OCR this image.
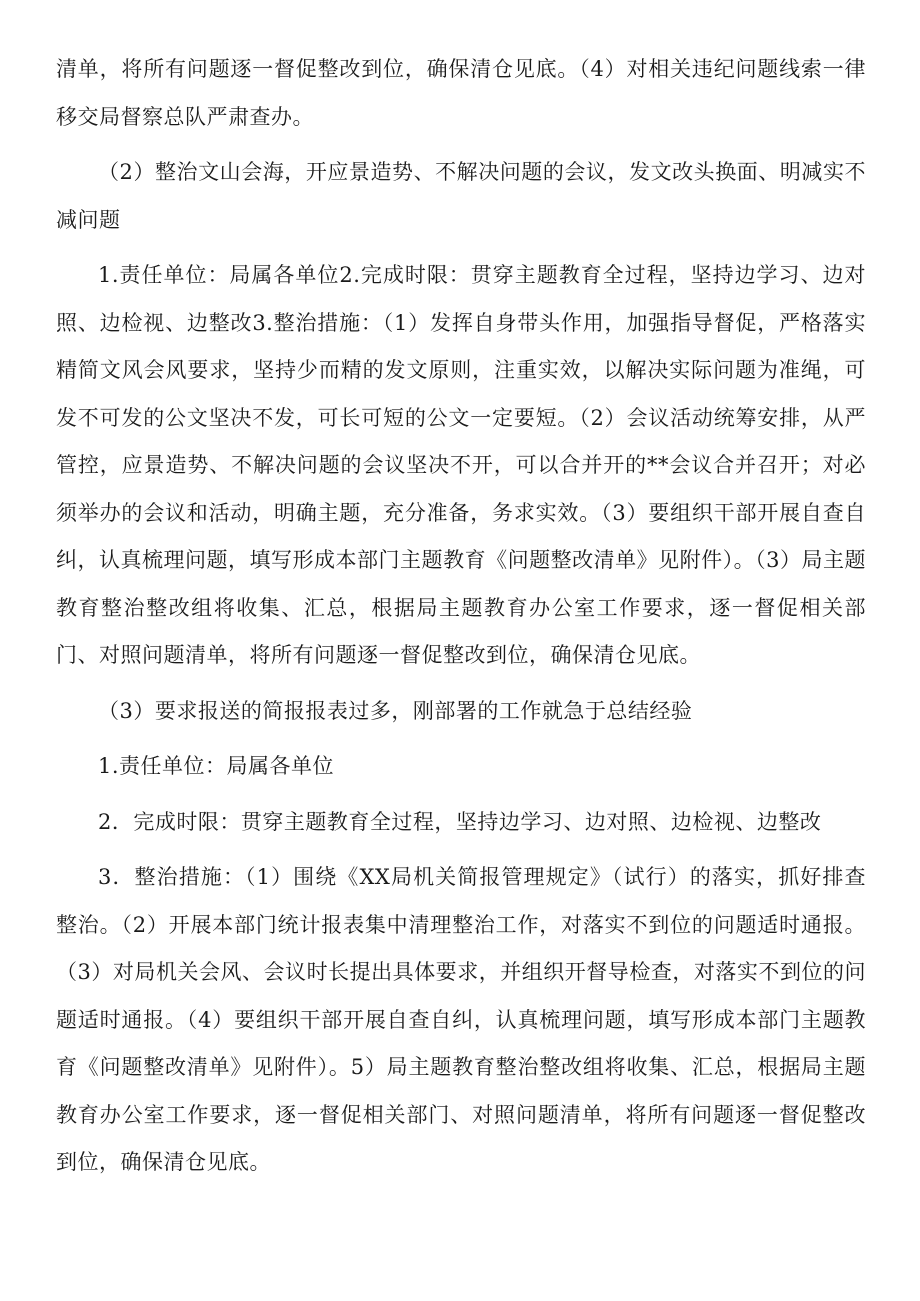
清单，将所有问题逐一督促整改到位，确保清仓见底。（4）对相关违纪问题线索一律移交局督察总队严肃查办。

（2）整治文山会海，开应景造势、不解决问题的会议，发文改头换面、明减实不减问题

1.责任单位：局属各单位2.完成时限：贯穿主题教育全过程，坚持边学习、边对照、边检视、边整改3.整治措施：（1）发挥自身带头作用，加强指导督促，严格落实精简文风会风要求，坚持少而精的发文原则，注重实效，以解决实际问题为准绳，可发不可发的公文坚决不发，可长可短的公文一定要短。（2）会议活动统筹安排，从严管控，应景造势、不解决问题的会议坚决不开，可以合并开的**会议合并召开；对必须举办的会议和活动，明确主题，充分准备，务求实效。（3）要组织干部开展自查自纠，认真梳理问题，填写形成本部门主题教育《问题整改清单》见附件）。（3）局主题教育整治整改组将收集、汇总，根据局主题教育办公室工作要求，逐一督促相关部门、对照问题清单，将所有问题逐一督促整改到位，确保清仓见底。

（3）要求报送的简报报表过多，刚部署的工作就急于总结经验

1.责任单位：局属各单位

2．完成时限：贯穿主题教育全过程，坚持边学习、边对照、边检视、边整改

3．整治措施：（1）围绕《XX局机关简报管理规定》（试行）的落实，抓好排查整治。（2）开展本部门统计报表集中清理整治工作，对落实不到位的问题适时通报。（3）对局机关会风、会议时长提出具体要求，并组织开督导检查，对落实不到位的问题适时通报。（4）要组织干部开展自查自纠，认真梳理问题，填写形成本部门主题教育《问题整改清单》见附件）。5）局主题教育整治整改组将收集、汇总，根据局主题教育办公室工作要求，逐一督促相关部门、对照问题清单，将所有问题逐一督促整改到位，确保清仓见底。
